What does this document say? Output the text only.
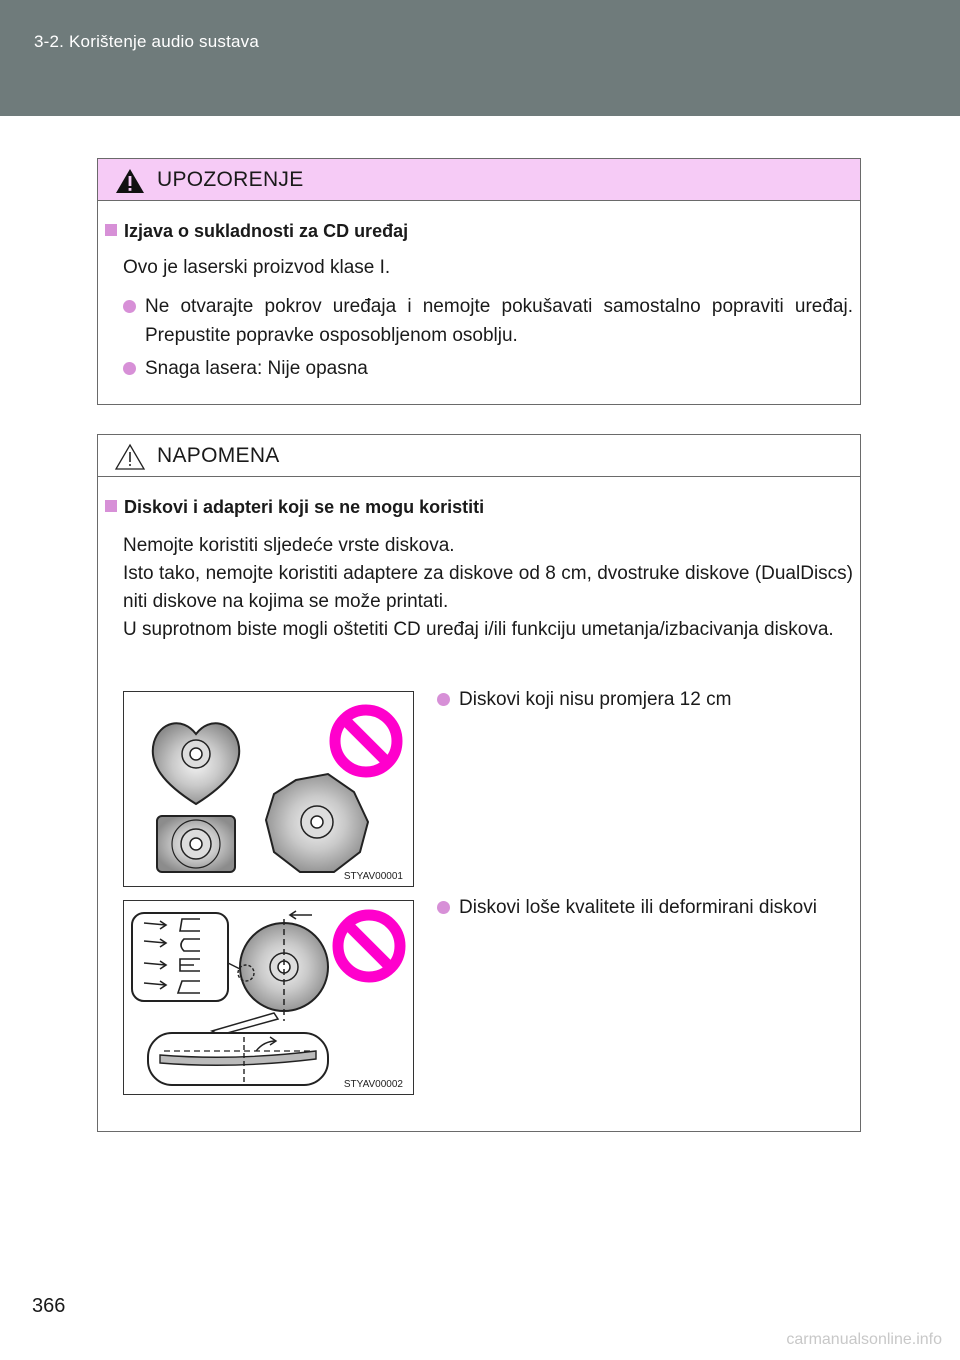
3-2. Korištenje audio sustava
UPOZORENJE
Izjava o sukladnosti za CD uređaj
Ovo je laserski proizvod klase I.
Ne otvarajte pokrov uređaja i nemojte pokušavati samostalno popraviti uređaj. Prepustite popravke osposobljenom osoblju.
Snaga lasera: Nije opasna
NAPOMENA
Diskovi i adapteri koji se ne mogu koristiti
Nemojte koristiti sljedeće vrste diskova.
Isto tako, nemojte koristiti adaptere za diskove od 8 cm, dvostruke diskove (DualDiscs) niti diskove na kojima se može printati.
U suprotnom biste mogli oštetiti CD uređaj i/ili funkciju umetanja/izbacivanja diskova.
STYAV00001
Diskovi koji nisu promjera 12 cm
STYAV00002
Diskovi loše kvalitete ili deformirani diskovi
366
carmanualsonline.info
